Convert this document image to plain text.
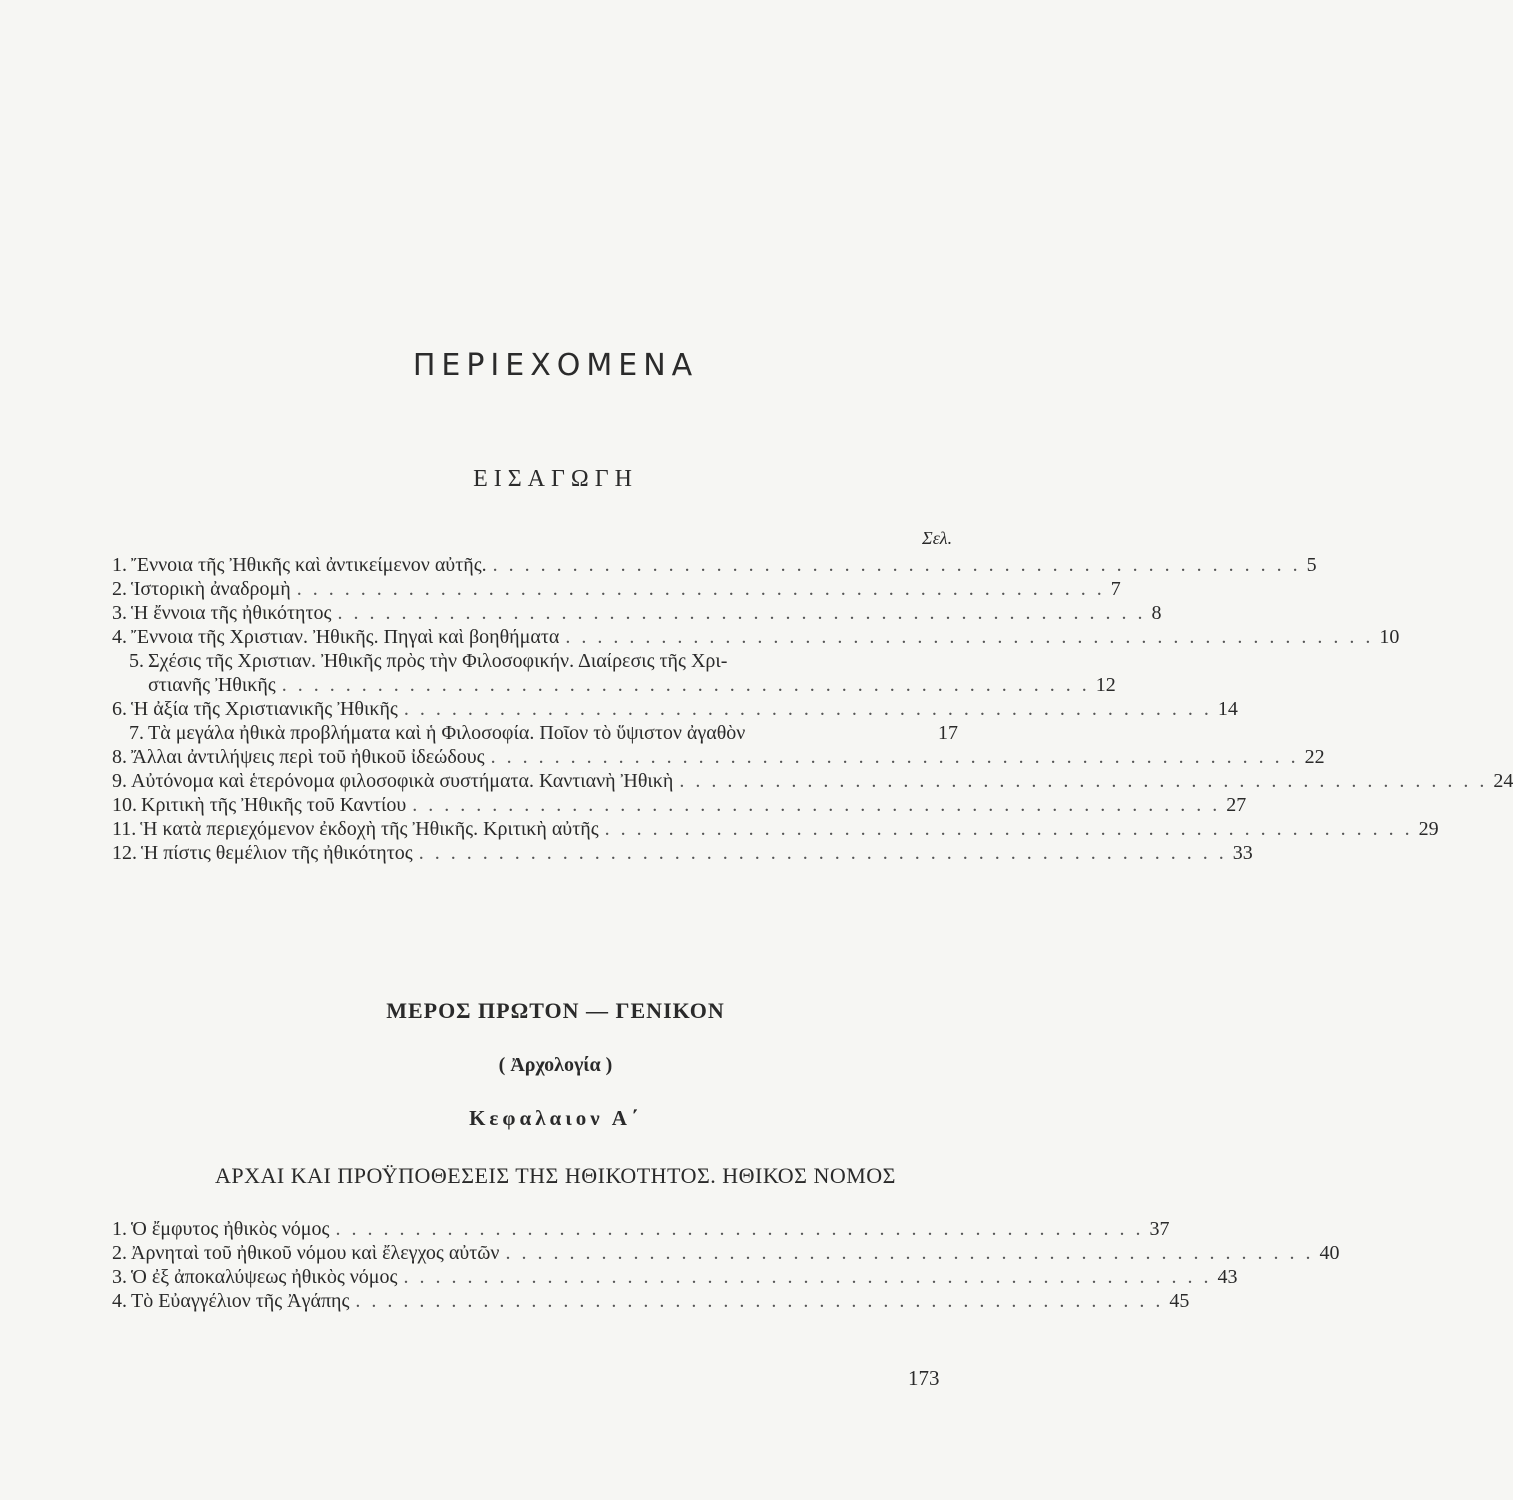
ΠΕΡΙΕΧΟΜΕΝΑ
ΕΙΣΑΓΩΓΗ
Σελ.
1. Ἔννοια τῆς Ἠθικῆς καὶ ἀντικείμενον αὐτῆς. . . . . . . . . . . . . . . . . . . . . . . . . . . . . . . . . . . . . . . . . . . . . . . . . . . . 5
2. Ἱστορικὴ ἀναδρομὴ . . . . . . . . . . . . . . . . . . . . . . . . . . . . . . . . . . . . . . . . . . . . . . . . . . . 7
3. Ἡ ἔννοια τῆς ἠθικότητος . . . . . . . . . . . . . . . . . . . . . . . . . . . . . . . . . . . . . . . . . . . . . . . . . . . 8
4. Ἔννοια τῆς Χριστιαν. Ἠθικῆς. Πηγαὶ καὶ βοηθήματα . . . . . . . . . . . . . . . . . . . . . . . . . . . . . . . . . . . . . . . . . . . . . . . . . . . 10
5. Σχέσις τῆς Χριστιαν. Ἠθικῆς πρὸς τὴν Φιλοσοφικήν. Διαίρεσις τῆς Χρι-
στιανῆς Ἠθικῆς . . . . . . . . . . . . . . . . . . . . . . . . . . . . . . . . . . . . . . . . . . . . . . . . . . . 12
6. Ἡ ἀξία τῆς Χριστιανικῆς Ἠθικῆς . . . . . . . . . . . . . . . . . . . . . . . . . . . . . . . . . . . . . . . . . . . . . . . . . . . 14
7. Τὰ μεγάλα ἠθικὰ προβλήματα καὶ ἡ Φιλοσοφία. Ποῖον τὸ ὕψιστον ἀγαθὸν	17
8. Ἄλλαι ἀντιλήψεις περὶ τοῦ ἠθικοῦ ἰδεώδους . . . . . . . . . . . . . . . . . . . . . . . . . . . . . . . . . . . . . . . . . . . . . . . . . . . 22
9. Αὐτόνομα καὶ ἑτερόνομα φιλοσοφικὰ συστήματα. Καντιανὴ Ἠθικὴ . . . . . . . . . . . . . . . . . . . . . . . . . . . . . . . . . . . . . . . . . . . . . . . . . . . 24
10. Κριτικὴ τῆς Ἠθικῆς τοῦ Καντίου . . . . . . . . . . . . . . . . . . . . . . . . . . . . . . . . . . . . . . . . . . . . . . . . . . . 27
11. Ἡ κατὰ περιεχόμενον ἐκδοχὴ τῆς Ἠθικῆς. Κριτικὴ αὐτῆς . . . . . . . . . . . . . . . . . . . . . . . . . . . . . . . . . . . . . . . . . . . . . . . . . . . 29
12. Ἡ πίστις θεμέλιον τῆς ἠθικότητος . . . . . . . . . . . . . . . . . . . . . . . . . . . . . . . . . . . . . . . . . . . . . . . . . . . 33
ΜΕΡΟΣ ΠΡΩΤΟΝ — ΓΕΝΙΚΟΝ
( Ἀρχολογία )
Κεφαλαιον Α΄
ΑΡΧΑΙ ΚΑΙ ΠΡΟΫΠΟΘΕΣΕΙΣ ΤΗΣ ΗΘΙΚΟΤΗΤΟΣ. ΗΘΙΚΟΣ ΝΟΜΟΣ
1. Ὁ ἔμφυτος ἠθικὸς νόμος . . . . . . . . . . . . . . . . . . . . . . . . . . . . . . . . . . . . . . . . . . . . . . . . . . . 37
2. Ἀρνηταὶ τοῦ ἠθικοῦ νόμου καὶ ἔλεγχος αὐτῶν . . . . . . . . . . . . . . . . . . . . . . . . . . . . . . . . . . . . . . . . . . . . . . . . . . . 40
3. Ὁ ἐξ ἀποκαλύψεως ἠθικὸς νόμος . . . . . . . . . . . . . . . . . . . . . . . . . . . . . . . . . . . . . . . . . . . . . . . . . . . 43
4. Τὸ Εὐαγγέλιον τῆς Ἀγάπης . . . . . . . . . . . . . . . . . . . . . . . . . . . . . . . . . . . . . . . . . . . . . . . . . . . 45
173
